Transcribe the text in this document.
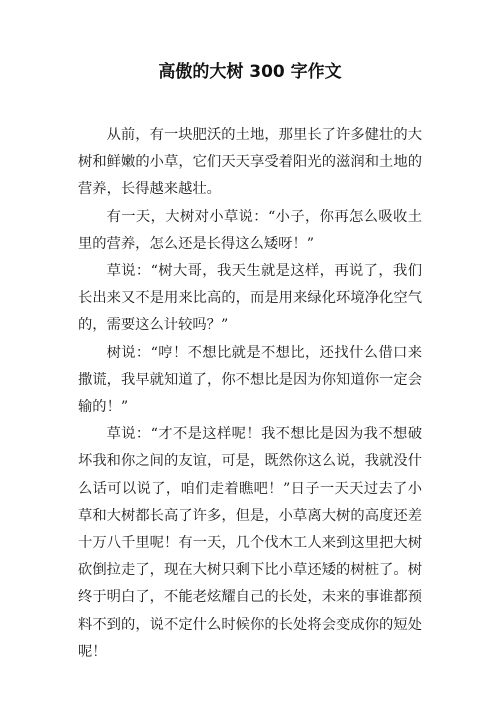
高傲的大树 300 字作文

从前，有一块肥沃的土地，那里长了许多健壮的大树和鲜嫩的小草，它们天天享受着阳光的滋润和土地的营养，长得越来越壮。

有一天，大树对小草说：“小子，你再怎么吸收土里的营养，怎么还是长得这么矮呀！”

草说：“树大哥，我天生就是这样，再说了，我们长出来又不是用来比高的，而是用来绿化环境净化空气的，需要这么计较吗？”

树说：“哼！不想比就是不想比，还找什么借口来撒谎，我早就知道了，你不想比是因为你知道你一定会输的！”

草说：“才不是这样呢！我不想比是因为我不想破坏我和你之间的友谊，可是，既然你这么说，我就没什么话可以说了，咱们走着瞧吧！”日子一天天过去了小草和大树都长高了许多，但是，小草离大树的高度还差十万八千里呢！有一天，几个伐木工人来到这里把大树砍倒拉走了，现在大树只剩下比小草还矮的树桩了。树终于明白了，不能老炫耀自己的长处，未来的事谁都预料不到的，说不定什么时候你的长处将会变成你的短处呢！
